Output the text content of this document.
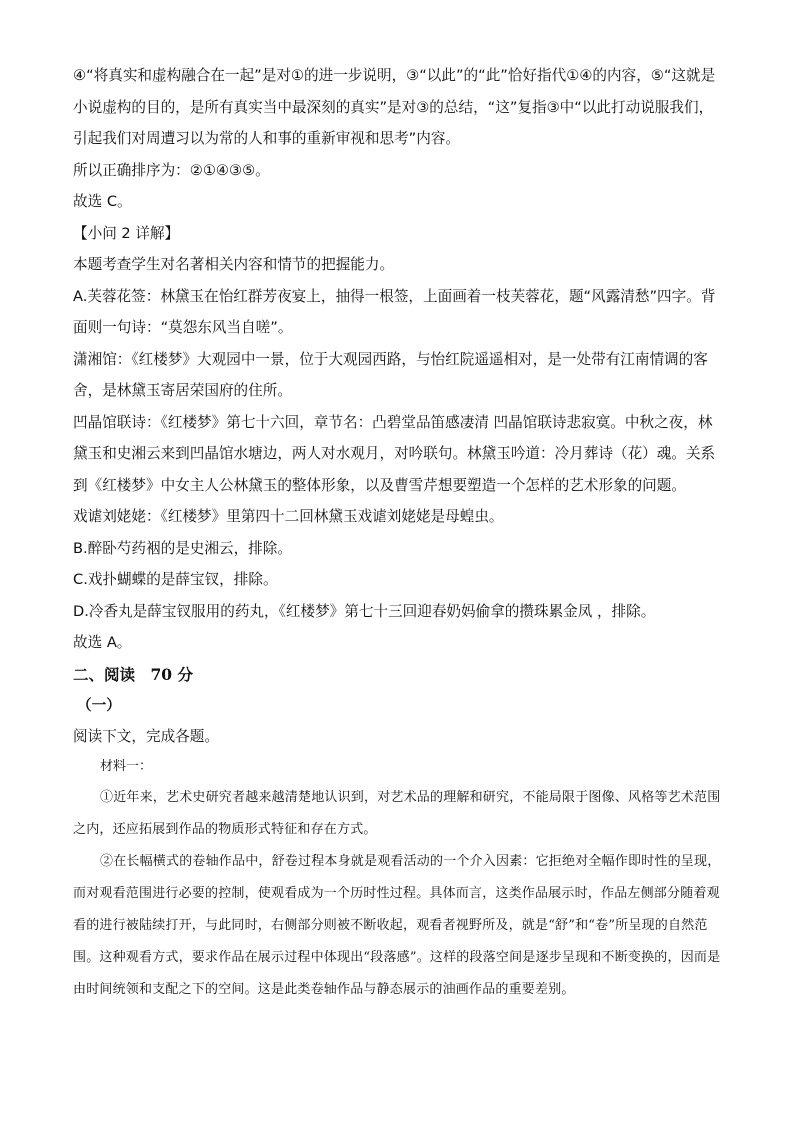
④“将真实和虚构融合在一起”是对①的进一步说明，③“以此”的“此”恰好指代①④的内容，⑤“这就是小说虚构的目的，是所有真实当中最深刻的真实”是对③的总结，“这”复指③中“以此打动说服我们，引起我们对周遭习以为常的人和事的重新审视和思考”内容。

所以正确排序为：②①④③⑤。

故选 C。

【小问 2 详解】

本题考查学生对名著相关内容和情节的把握能力。

A.芙蓉花签：林黛玉在怡红群芳夜宴上，抽得一根签，上面画着一枝芙蓉花，题“风露清愁”四字。背面则一句诗：“莫怨东风当自嗟”。

潇湘馆：《红楼梦》大观园中一景，位于大观园西路，与怡红院遥遥相对，是一处带有江南情调的客舍，是林黛玉寄居荣国府的住所。

凹晶馆联诗：《红楼梦》第七十六回，章节名：凸碧堂品笛感凄清 凹晶馆联诗悲寂寞。中秋之夜，林黛玉和史湘云来到凹晶馆水塘边，两人对水观月，对吟联句。林黛玉吟道：冷月葬诗（花）魂。关系到《红楼梦》中女主人公林黛玉的整体形象，以及曹雪芹想要塑造一个怎样的艺术形象的问题。

戏谑刘姥姥：《红楼梦》里第四十二回林黛玉戏谑刘姥姥是母蝗虫。

B.醉卧芍药裀的是史湘云，排除。

C.戏扑蝴蝶的是薛宝钗，排除。

D.冷香丸是薛宝钗服用的药丸，《红楼梦》第七十三回迎春奶妈偷拿的攒珠累金凤 ，排除。

故选 A。

二、阅读　70 分

（一）

阅读下文，完成各题。

材料一：

①近年来，艺术史研究者越来越清楚地认识到，对艺术品的理解和研究，不能局限于图像、风格等艺术范围之内，还应拓展到作品的物质形式特征和存在方式。

②在长幅横式的卷轴作品中，舒卷过程本身就是观看活动的一个介入因素：它拒绝对全幅作即时性的呈现，而对观看范围进行必要的控制，使观看成为一个历时性过程。具体而言，这类作品展示时，作品左侧部分随着观看的进行被陆续打开，与此同时，右侧部分则被不断收起，观看者视野所及，就是“舒”和“卷”所呈现的自然范围。这种观看方式，要求作品在展示过程中体现出“段落感”。这样的段落空间是逐步呈现和不断变换的，因而是由时间统领和支配之下的空间。这是此类卷轴作品与静态展示的油画作品的重要差别。
